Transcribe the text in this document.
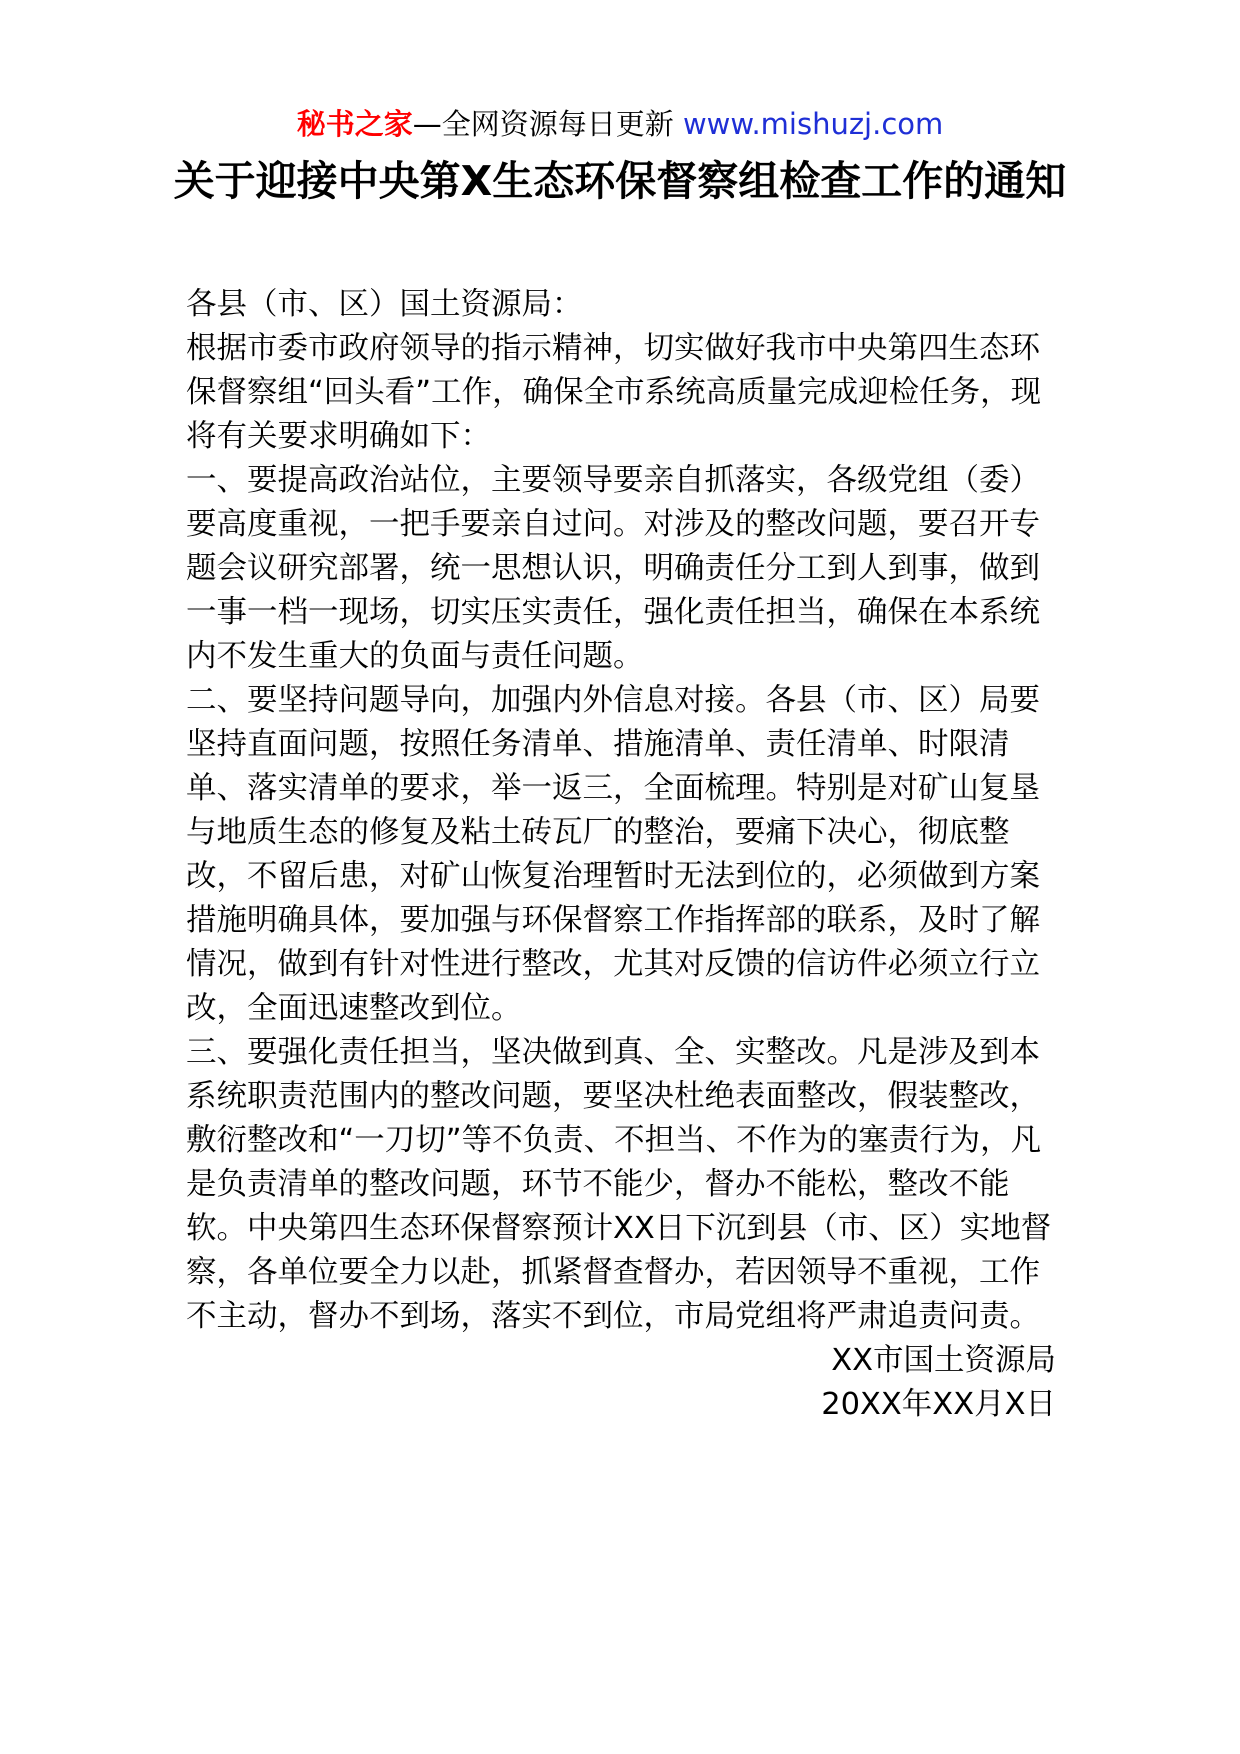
秘书之家—全网资源每日更新 www.mishuzj.com
关于迎接中央第Ⅹ生态环保督察组检查工作的通知

各县（市、区）国土资源局：

根据市委市政府领导的指示精神，切实做好我市中央第四生态环保督察组“回头看”工作，确保全市系统高质量完成迎检任务，现将有关要求明确如下：

一、要提高政治站位，主要领导要亲自抓落实，各级党组（委）要高度重视，一把手要亲自过问。对涉及的整改问题，要召开专题会议研究部署，统一思想认识，明确责任分工到人到事，做到一事一档一现场，切实压实责任，强化责任担当，确保在本系统内不发生重大的负面与责任问题。

二、要坚持问题导向，加强内外信息对接。各县（市、区）局要坚持直面问题，按照任务清单、措施清单、责任清单、时限清单、落实清单的要求，举一返三，全面梳理。特别是对矿山复垦与地质生态的修复及粘土砖瓦厂的整治，要痛下决心，彻底整改，不留后患，对矿山恢复治理暂时无法到位的，必须做到方案措施明确具体，要加强与环保督察工作指挥部的联系，及时了解情况，做到有针对性进行整改，尤其对反馈的信访件必须立行立改，全面迅速整改到位。

三、要强化责任担当，坚决做到真、全、实整改。凡是涉及到本系统职责范围内的整改问题，要坚决杜绝表面整改，假装整改，敷衍整改和“一刀切”等不负责、不担当、不作为的塞责行为，凡是负责清单的整改问题，环节不能少，督办不能松，整改不能软。中央第四生态环保督察预计XX日下沉到县（市、区）实地督察，各单位要全力以赴，抓紧督查督办，若因领导不重视，工作不主动，督办不到场，落实不到位，市局党组将严肃追责问责。

XX市国土资源局

20XX年XX月X日
